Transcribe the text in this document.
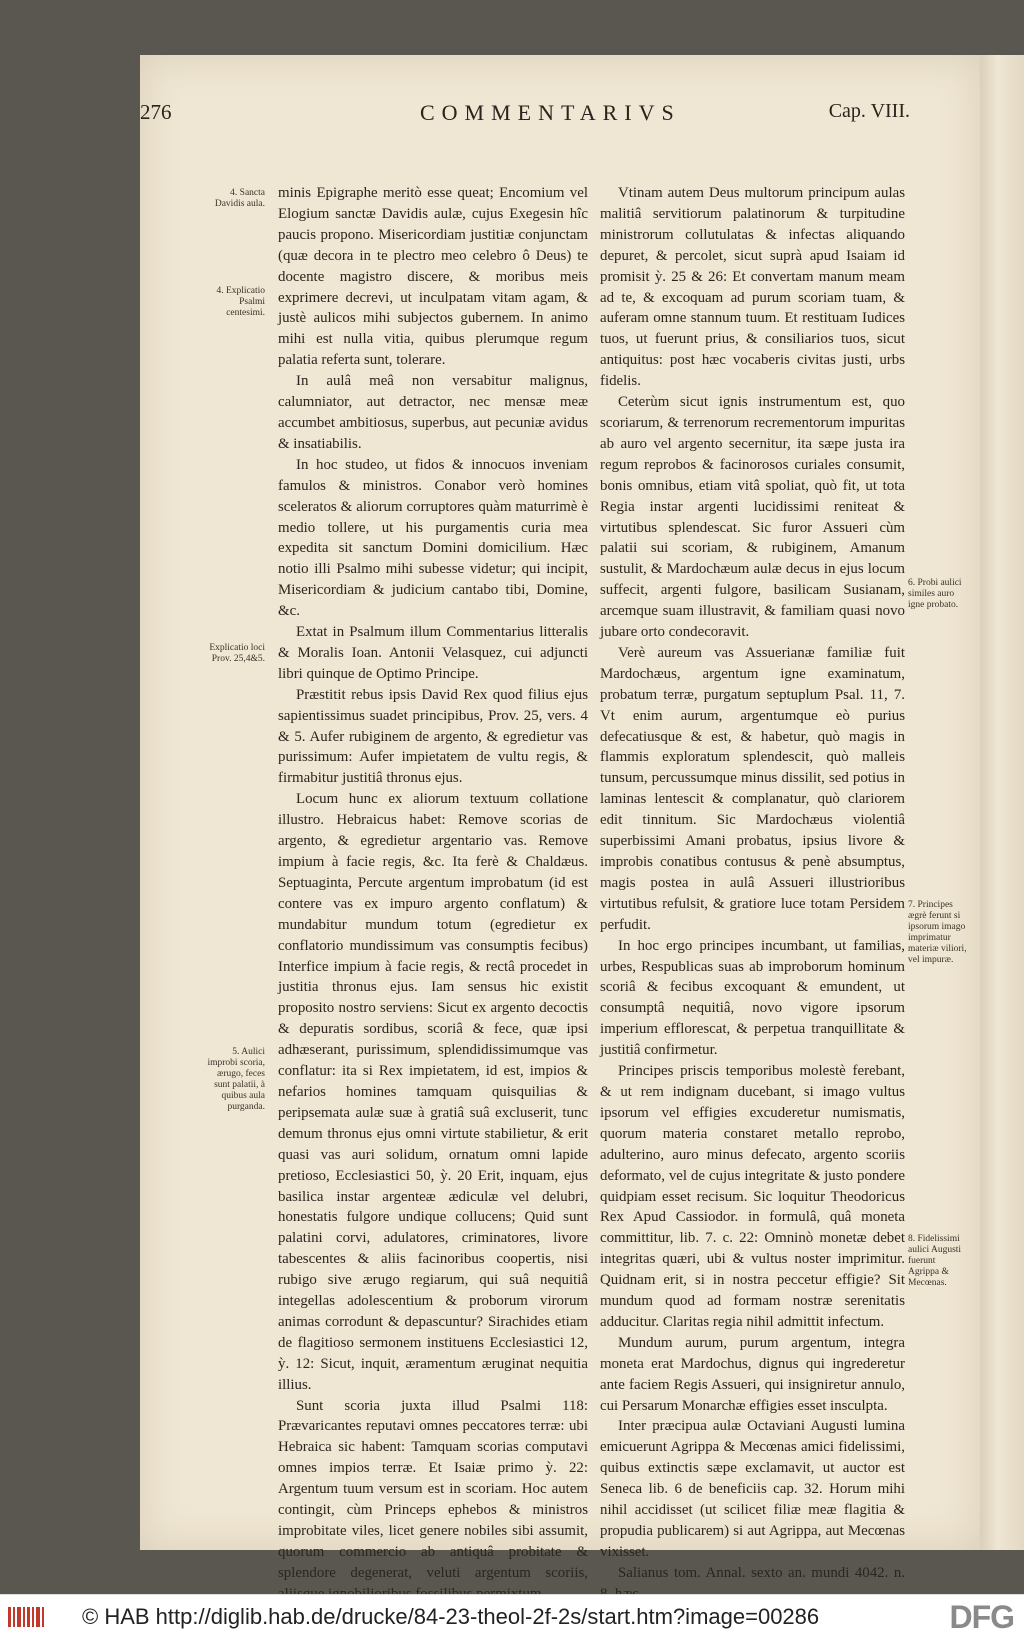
276	COMMENTARIVS	Cap. VIII.
4. Sancta Davidis aula.
4. Explicatio Psalmi centesimi.
Explicatio loci Prov. 25,4&5.
5. Aulici improbi scoria, ærugo, feces sunt palatii, à quibus aula purganda.
6. Probi aulici similes auro igne probato.
7. Principes ægrè ferunt si ipsorum imago imprimatur materiæ viliori, vel impuræ.
8. Fidelissimi aulici Augusti fuerunt Agrippa & Mecœnas.

minis Epigraphe meritò esse queat; Encomium vel Elogium sanctæ Davidis aulæ, cujus Exegesin hîc paucis propono. Misericordiam justitiæ conjunctam (quæ decora in te plectro meo celebro ô Deus) te docente magistro discere, & moribus meis exprimere decrevi, ut inculpatam vitam agam, & justè aulicos mihi subjectos gubernem. In animo mihi est nulla vitia, quibus plerumque regum palatia referta sunt, tolerare.

In aulâ meâ non versabitur malignus, calumniator, aut detractor, nec mensæ meæ accumbet ambitiosus, superbus, aut pecuniæ avidus & insatiabilis.

In hoc studeo, ut fidos & innocuos inveniam famulos & ministros. Conabor verò homines sceleratos & aliorum corruptores quàm maturrimè è medio tollere, ut his purgamentis curia mea expedita sit sanctum Domini domicilium. Hæc notio illi Psalmo mihi subesse videtur; qui incipit, Misericordiam & judicium cantabo tibi, Domine, &c.

Extat in Psalmum illum Commentarius litteralis & Moralis Ioan. Antonii Velasquez, cui adjuncti libri quinque de Optimo Principe.

Præstitit rebus ipsis David Rex quod filius ejus sapientissimus suadet principibus, Prov. 25, vers. 4 & 5. Aufer rubiginem de argento, & egredietur vas purissimum: Aufer impietatem de vultu regis, & firmabitur justitiâ thronus ejus.

Locum hunc ex aliorum textuum collatione illustro. Hebraicus habet: Remove scorias de argento, & egredietur argentario vas. Remove impium à facie regis, &c. Ita ferè & Chaldæus. Septuaginta, Percute argentum improbatum (id est contere vas ex impuro argento conflatum) & mundabitur mundum totum (egredietur ex conflatorio mundissimum vas consumptis fecibus) Interfice impium à facie regis, & rectâ procedet in justitia thronus ejus. Iam sensus hic existit proposito nostro serviens: Sicut ex argento decoctis & depuratis sordibus, scoriâ & fece, quæ ipsi adhæserant, purissimum, splendidissimumque vas conflatur: ita si Rex impietatem, id est, impios & nefarios homines tamquam quisquilias & peripsemata aulæ suæ à gratiâ suâ excluserit, tunc demum thronus ejus omni virtute stabilietur, & erit quasi vas auri solidum, ornatum omni lapide pretioso, Ecclesiastici 50, ỳ. 20 Erit, inquam, ejus basilica instar argenteæ ædiculæ vel delubri, honestatis fulgore undique collucens; Quid sunt palatini corvi, adulatores, criminatores, livore tabescentes & aliis facinoribus coopertis, nisi rubigo sive ærugo regiarum, qui suâ nequitiâ integellas adolescentium & proborum virorum animas corrodunt & depascuntur? Sirachides etiam de flagitioso sermonem instituens Ecclesiastici 12, ỳ. 12: Sicut, inquit, æramentum æruginat nequitia illius.

Sunt scoria juxta illud Psalmi 118: Prævaricantes reputavi omnes peccatores terræ: ubi Hebraica sic habent: Tamquam scorias computavi omnes impios terræ. Et Isaiæ primo ỳ. 22: Argentum tuum versum est in scoriam. Hoc autem contingit, cùm Princeps ephebos & ministros improbitate viles, licet genere nobiles sibi assumit, quorum commercio ab antiquâ probitate & splendore degenerat, veluti argentum scoriis,

Vtinam autem Deus multorum principum aulas malitiâ servitiorum palatinorum & turpitudine ministrorum collutulatas & infectas aliquando depuret, & percolet, sicut suprà apud Isaiam id promisit ỳ. 25 & 26: Et convertam manum meam ad te, & excoquam ad purum scoriam tuam, & auferam omne stannum tuum. Et restituam Iudices tuos, ut fuerunt prius, & consiliarios tuos, sicut antiquitus: post hæc vocaberis civitas justi, urbs fidelis.

Ceterùm sicut ignis instrumentum est, quo scoriarum, & terrenorum recrementorum impuritas ab auro vel argento secernitur, ita sæpe justa ira regum reprobos & facinorosos curiales consumit, bonis omnibus, etiam vitâ spoliat, quò fit, ut tota Regia instar argenti lucidissimi reniteat & virtutibus splendescat. Sic furor Assueri cùm palatii sui scoriam, & rubiginem, Amanum sustulit, & Mardochæum aulæ decus in ejus locum suffecit, argenti fulgore, basilicam Susianam, arcemque suam illustravit, & familiam quasi novo jubare orto condecoravit.

Verè aureum vas Assuerianæ familiæ fuit Mardochæus, argentum igne examinatum, probatum terræ, purgatum septuplum Psal. 11, 7. Vt enim aurum, argentumque eò purius defecatiusque & est, & habetur, quò magis in flammis exploratum splendescit, quò malleis tunsum, percussumque minus dissilit, sed potius in laminas lentescit & complanatur, quò clariorem edit tinnitum. Sic Mardochæus violentiâ superbissimi Amani probatus, ipsius livore & improbis conatibus contusus & penè absumptus, magis postea in aulâ Assueri illustrioribus virtutibus refulsit, & gratiore luce totam Persidem perfudit.

In hoc ergo principes incumbant, ut familias, urbes, Respublicas suas ab improborum hominum scoriâ & fecibus excoquant & emundent, ut consumptâ nequitiâ, novo vigore ipsorum imperium efflorescat, & perpetua tranquillitate & justitiâ confirmetur.

Principes priscis temporibus molestè ferebant, & ut rem indignam ducebant, si imago vultus ipsorum vel effigies excuderetur numismatis, quorum materia constaret metallo reprobo, adulterino, auro minus defecato, argento scoriis deformato, vel de cujus integritate & justo pondere quidpiam esset recisum. Sic loquitur Theodoricus Rex Apud Cassiodor. in formulâ, quâ moneta committitur, lib. 7. c. 22: Omninò monetæ debet integritas quæri, ubi & vultus noster imprimitur. Quidnam erit, si in nostra peccetur effigie? Sit mundum quod ad formam nostræ serenitatis adducitur. Claritas regia nihil admittit infectum.

Mundum aurum, purum argentum, integra moneta erat Mardochus, dignus qui ingrederetur ante faciem Regis Assueri, qui insigniretur annulo, cui Persarum Monarchæ effigies esset insculpta.

Inter præcipua aulæ Octaviani Augusti lumina emicuerunt Agrippa & Mecœnas amici fidelissimi, quibus extinctis sæpe exclamavit, ut auctor est Seneca lib. 6 de beneficiis cap. 32. Horum mihi nihil accidisset (ut scilicet filiæ meæ flagitia & propudia publicarem) si aut Agrippa, aut Mecœnas vixisset.

Salianus tom. Annal. sexto an. mundi 4042. n.

© HAB http://diglib.hab.de/drucke/84-23-theol-2f-2s/start.htm?image=00286	DFG
